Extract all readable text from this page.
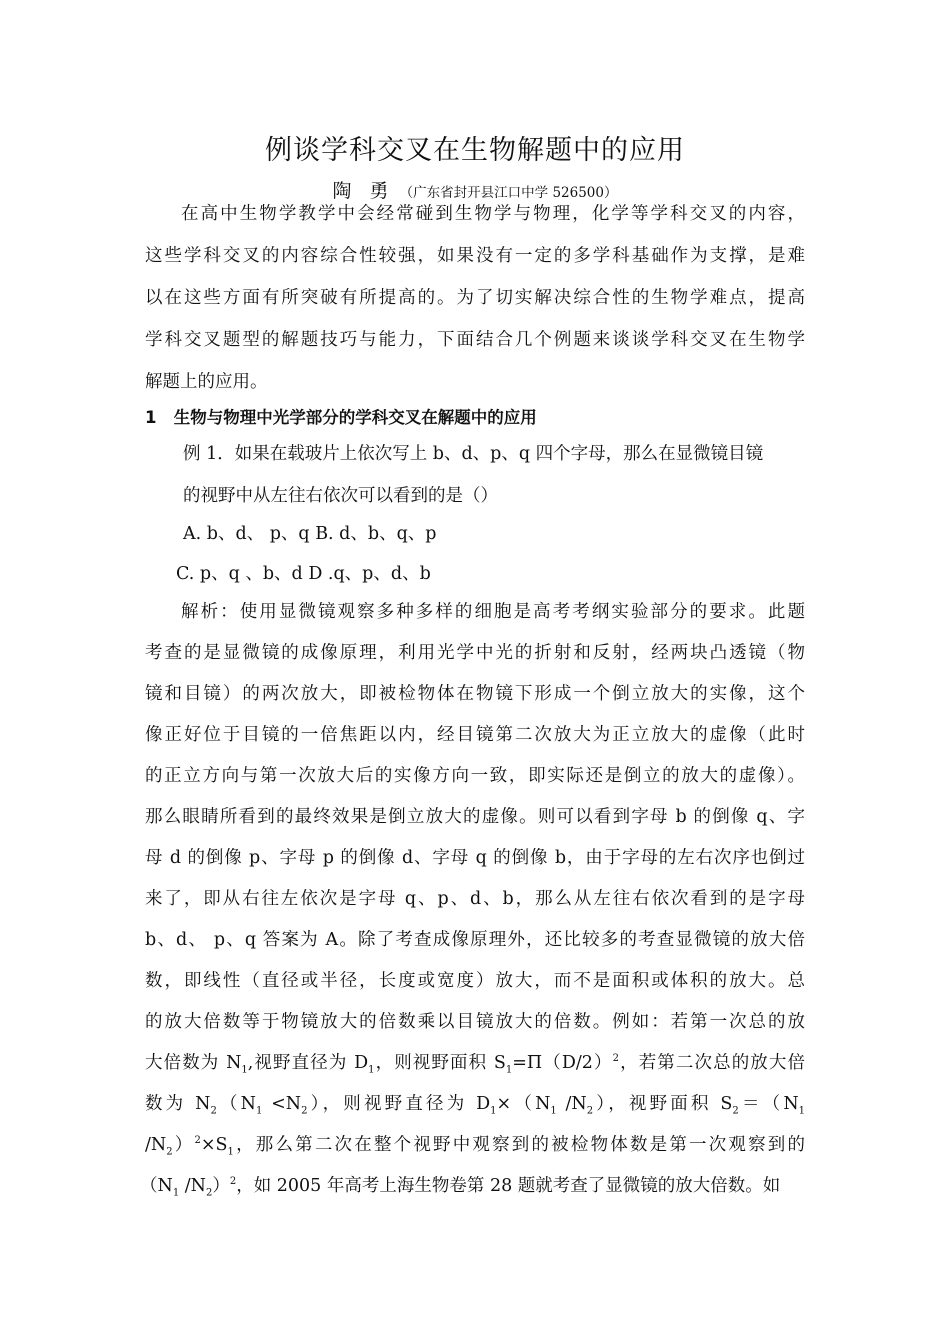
例谈学科交叉在生物解题中的应用
陶 勇 （广东省封开县江口中学 526500）
在高中生物学教学中会经常碰到生物学与物理，化学等学科交叉的内容，
这些学科交叉的内容综合性较强，如果没有一定的多学科基础作为支撑，是难
以在这些方面有所突破有所提高的。为了切实解决综合性的生物学难点，提高
学科交叉题型的解题技巧与能力，下面结合几个例题来谈谈学科交叉在生物学
解题上的应用。
1 生物与物理中光学部分的学科交叉在解题中的应用
例 1．如果在载玻片上依次写上 b、d、p、q 四个字母，那么在显微镜目镜
的视野中从左往右依次可以看到的是（）
A. b、d、 p、q B. d、b、q、p
C. p、q 、b、d D .q、p、d、b
解析：使用显微镜观察多种多样的细胞是高考考纲实验部分的要求。此题
考查的是显微镜的成像原理，利用光学中光的折射和反射，经两块凸透镜（物
镜和目镜）的两次放大，即被检物体在物镜下形成一个倒立放大的实像，这个
像正好位于目镜的一倍焦距以内，经目镜第二次放大为正立放大的虚像（此时
的正立方向与第一次放大后的实像方向一致，即实际还是倒立的放大的虚像）。
那么眼睛所看到的最终效果是倒立放大的虚像。则可以看到字母 b 的倒像 q、字
母 d 的倒像 p、字母 p 的倒像 d、字母 q 的倒像 b，由于字母的左右次序也倒过
来了，即从右往左依次是字母 q、p、d、b，那么从左往右依次看到的是字母
b、d、 p、q 答案为 A。除了考查成像原理外，还比较多的考查显微镜的放大倍
数，即线性（直径或半径，长度或宽度）放大，而不是面积或体积的放大。总
的放大倍数等于物镜放大的倍数乘以目镜放大的倍数。例如：若第一次总的放
大倍数为 $N_1$,视野直径为 $D_1$，则视野面积 $S_1=\Pi(D/2)^2$，若第二次总的放大倍
数为 $N_2(N_1 <N_2)$，则视野直径为 $D_1\times(N_1$ $/N_2$），视野面积 $S_2=(N_1$
$/N_2)^2\times S_1$，那么第二次在整个视野中观察到的被检物体数是第一次观察到的
（$N_1$ $/N_2)^2$，如 2005 年高考上海生物卷第 28 题就考查了显微镜的放大倍数。如
